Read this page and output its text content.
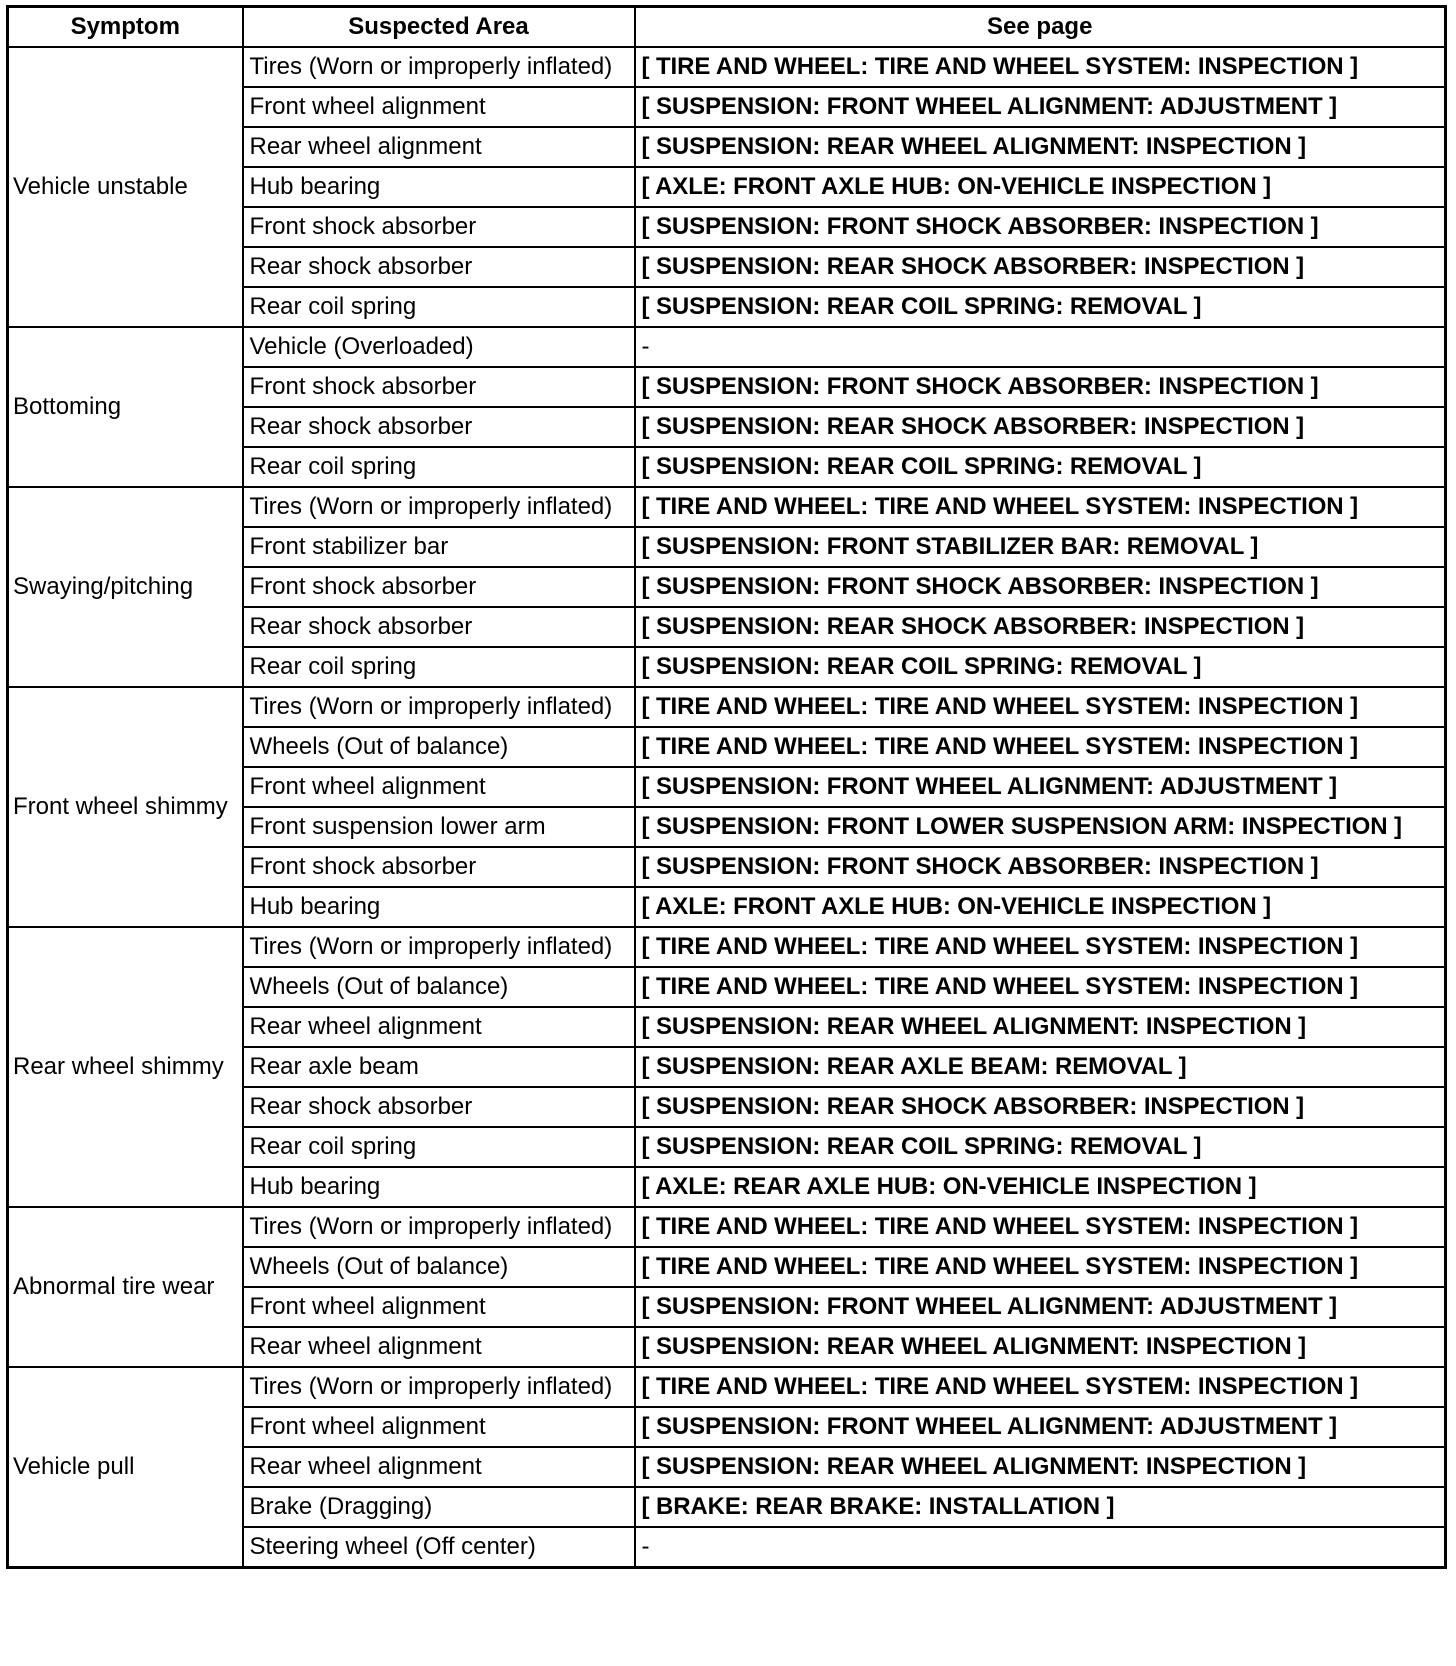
Symptom	Suspected Area	See page
Vehicle unstable	Tires (Worn or improperly inflated)	[ TIRE AND WHEEL: TIRE AND WHEEL SYSTEM: INSPECTION ]
	Front wheel alignment	[ SUSPENSION: FRONT WHEEL ALIGNMENT: ADJUSTMENT ]
	Rear wheel alignment	[ SUSPENSION: REAR WHEEL ALIGNMENT: INSPECTION ]
	Hub bearing	[ AXLE: FRONT AXLE HUB: ON-VEHICLE INSPECTION ]
	Front shock absorber	[ SUSPENSION: FRONT SHOCK ABSORBER: INSPECTION ]
	Rear shock absorber	[ SUSPENSION: REAR SHOCK ABSORBER: INSPECTION ]
	Rear coil spring	[ SUSPENSION: REAR COIL SPRING: REMOVAL ]
Bottoming	Vehicle (Overloaded)	-
	Front shock absorber	[ SUSPENSION: FRONT SHOCK ABSORBER: INSPECTION ]
	Rear shock absorber	[ SUSPENSION: REAR SHOCK ABSORBER: INSPECTION ]
	Rear coil spring	[ SUSPENSION: REAR COIL SPRING: REMOVAL ]
Swaying/pitching	Tires (Worn or improperly inflated)	[ TIRE AND WHEEL: TIRE AND WHEEL SYSTEM: INSPECTION ]
	Front stabilizer bar	[ SUSPENSION: FRONT STABILIZER BAR: REMOVAL ]
	Front shock absorber	[ SUSPENSION: FRONT SHOCK ABSORBER: INSPECTION ]
	Rear shock absorber	[ SUSPENSION: REAR SHOCK ABSORBER: INSPECTION ]
	Rear coil spring	[ SUSPENSION: REAR COIL SPRING: REMOVAL ]
Front wheel shimmy	Tires (Worn or improperly inflated)	[ TIRE AND WHEEL: TIRE AND WHEEL SYSTEM: INSPECTION ]
	Wheels (Out of balance)	[ TIRE AND WHEEL: TIRE AND WHEEL SYSTEM: INSPECTION ]
	Front wheel alignment	[ SUSPENSION: FRONT WHEEL ALIGNMENT: ADJUSTMENT ]
	Front suspension lower arm	[ SUSPENSION: FRONT LOWER SUSPENSION ARM: INSPECTION ]
	Front shock absorber	[ SUSPENSION: FRONT SHOCK ABSORBER: INSPECTION ]
	Hub bearing	[ AXLE: FRONT AXLE HUB: ON-VEHICLE INSPECTION ]
Rear wheel shimmy	Tires (Worn or improperly inflated)	[ TIRE AND WHEEL: TIRE AND WHEEL SYSTEM: INSPECTION ]
	Wheels (Out of balance)	[ TIRE AND WHEEL: TIRE AND WHEEL SYSTEM: INSPECTION ]
	Rear wheel alignment	[ SUSPENSION: REAR WHEEL ALIGNMENT: INSPECTION ]
	Rear axle beam	[ SUSPENSION: REAR AXLE BEAM: REMOVAL ]
	Rear shock absorber	[ SUSPENSION: REAR SHOCK ABSORBER: INSPECTION ]
	Rear coil spring	[ SUSPENSION: REAR COIL SPRING: REMOVAL ]
	Hub bearing	[ AXLE: REAR AXLE HUB: ON-VEHICLE INSPECTION ]
Abnormal tire wear	Tires (Worn or improperly inflated)	[ TIRE AND WHEEL: TIRE AND WHEEL SYSTEM: INSPECTION ]
	Wheels (Out of balance)	[ TIRE AND WHEEL: TIRE AND WHEEL SYSTEM: INSPECTION ]
	Front wheel alignment	[ SUSPENSION: FRONT WHEEL ALIGNMENT: ADJUSTMENT ]
	Rear wheel alignment	[ SUSPENSION: REAR WHEEL ALIGNMENT: INSPECTION ]
Vehicle pull	Tires (Worn or improperly inflated)	[ TIRE AND WHEEL: TIRE AND WHEEL SYSTEM: INSPECTION ]
	Front wheel alignment	[ SUSPENSION: FRONT WHEEL ALIGNMENT: ADJUSTMENT ]
	Rear wheel alignment	[ SUSPENSION: REAR WHEEL ALIGNMENT: INSPECTION ]
	Brake (Dragging)	[ BRAKE: REAR BRAKE: INSTALLATION ]
	Steering wheel (Off center)	-
